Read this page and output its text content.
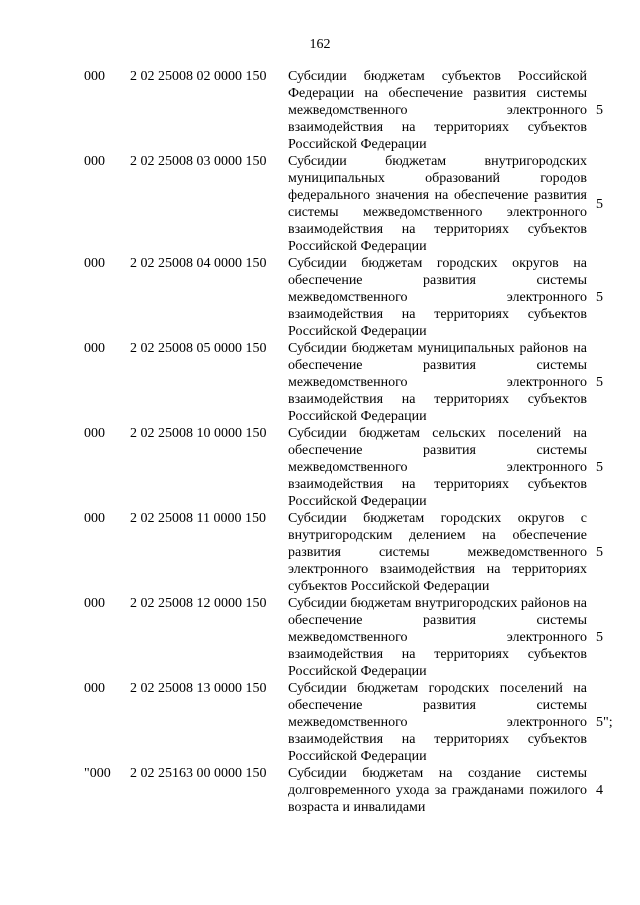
162
000 2 02 25008 02 0000 150 Субсидии бюджетам субъектов Российской Федерации на обеспечение развития системы межведомственного электронного взаимодействия на территориях субъектов Российской Федерации
5
000 2 02 25008 03 0000 150 Субсидии бюджетам внутригородских муниципальных образований городов федерального значения на обеспечение развития системы межведомственного электронного взаимодействия на территориях субъектов Российской Федерации
5
000 2 02 25008 04 0000 150 Субсидии бюджетам городских округов на обеспечение развития системы межведомственного электронного взаимодействия на территориях субъектов Российской Федерации
5
000 2 02 25008 05 0000 150 Субсидии бюджетам муниципальных районов на обеспечение развития системы межведомственного электронного взаимодействия на территориях субъектов Российской Федерации
5
000 2 02 25008 10 0000 150 Субсидии бюджетам сельских поселений на обеспечение развития системы межведомственного электронного взаимодействия на территориях субъектов Российской Федерации
5
000 2 02 25008 11 0000 150 Субсидии бюджетам городских округов с внутригородским делением на обеспечение развития системы межведомственного электронного взаимодействия на территориях субъектов Российской Федерации
5
000 2 02 25008 12 0000 150 Субсидии бюджетам внутригородских районов на обеспечение развития системы межведомственного электронного взаимодействия на территориях субъектов Российской Федерации
5
000 2 02 25008 13 0000 150 Субсидии бюджетам городских поселений на обеспечение развития системы межведомственного электронного взаимодействия на территориях субъектов Российской Федерации
5";
"000 2 02 25163 00 0000 150 Субсидии бюджетам на создание системы долговременного ухода за гражданами пожилого возраста и инвалидами
4
